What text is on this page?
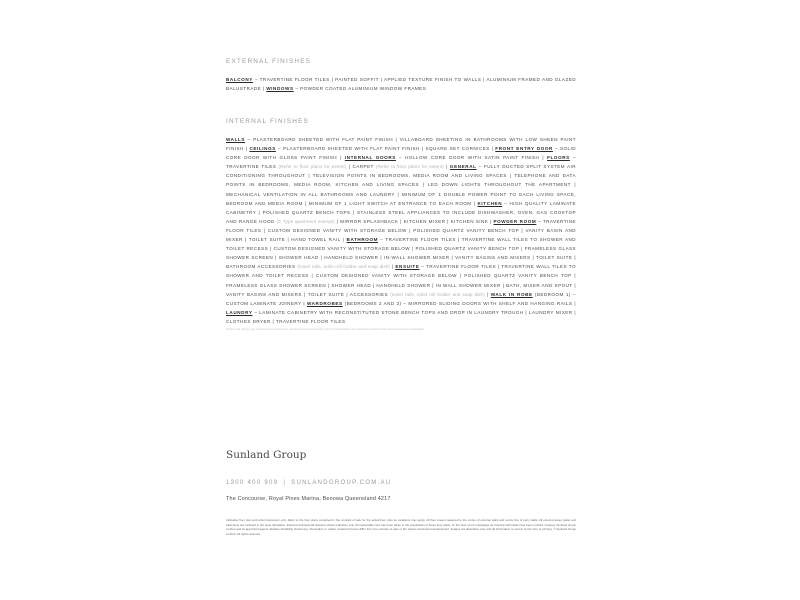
EXTERNAL FINISHES
BALCONY – TRAVERTINE FLOOR TILES | PAINTED SOFFIT | APPLIED TEXTURE FINISH TO WALLS | ALUMINIUM FRAMED AND GLAZED BALUSTRADE | WINDOWS – POWDER COATED ALUMINIUM WINDOW FRAMES
INTERNAL FINISHES
WALLS – PLASTERBOARD SHEETED WITH FLAT PAINT FINISH | VILLABOARD SHEETING IN BATHROOMS WITH LOW SHEEN PAINT FINISH | CEILINGS – PLASTERBOARD SHEETED WITH FLAT PAINT FINISH | SQUARE SET CORNICES | FRONT ENTRY DOOR – SOLID CORE DOOR WITH GLOSS PAINT FINISH | INTERNAL DOORS – HOLLOW CORE DOOR WITH SATIN PAINT FINISH | FLOORS – TRAVERTINE TILES (Refer to floor plans for extent) | CARPET (Refer to floor plans for extent) | GENERAL – FULLY DUCTED SPLIT SYSTEM AIR CONDITIONING THROUGHOUT | TELEVISION POINTS IN BEDROOMS, MEDIA ROOM AND LIVING SPACES | TELEPHONE AND DATA POINTS IN BEDROOMS, MEDIA ROOM, KITCHEN AND LIVING SPACES | LED DOWN LIGHTS THROUGHOUT THE APARTMENT | MECHANICAL VENTILATION IN ALL BATHROOMS AND LAUNDRY | MINIMUM OF 1 DOUBLE POWER POINT TO EACH LIVING SPACE, BEDROOM AND MEDIA ROOM | MINIMUM OF 1 LIGHT SWITCH AT ENTRANCE TO EACH ROOM | KITCHEN – HIGH QUALITY LAMINATE CABINETRY | POLISHED QUARTZ BENCH TOPS | STAINLESS STEEL APPLIANCES TO INCLUDE DISHWASHER, OVEN, GAS COOKTOP AND RANGE HOOD (C Type apartment exempt) | MIRROR SPLASHBACK | KITCHEN MIXER | KITCHEN SINK | POWDER ROOM – TRAVERTINE FLOOR TILES | CUSTOM DESIGNED VANITY WITH STORAGE BELOW | POLISHED QUARTZ VANITY BENCH TOP | VANITY BASIN AND MIXER | TOILET SUITE | HAND TOWEL RAIL | BATHROOM – TRAVERTINE FLOOR TILES | TRAVERTINE WALL TILES TO SHOWER AND TOILET RECESS | CUSTOM DESIGNED VANITY WITH STORAGE BELOW | POLISHED QUARTZ VANITY BENCH TOP | FRAMELESS GLASS SHOWER SCREEN | SHOWER HEAD | HANDHELD SHOWER | IN-WALL SHOWER MIXER | VANITY BASINS AND MIXERS | TOILET SUITE | BATHROOM ACCESSORIES (towel rails, toilet roll holder and soap dish) | ENSUITE – TRAVERTINE FLOOR TILES | TRAVERTINE WALL TILES TO SHOWER AND TOILET RECESS | CUSTOM DESIGNED VANITY WITH STORAGE BELOW | POLISHED QUARTZ VANITY BENCH TOP | FRAMELESS GLASS SHOWER SCREEN | SHOWER HEAD | HANDHELD SHOWER | IN WALL SHOWER MIXER | BATH, MIXER AND SPOUT | VANITY BASINS AND MIXERS | TOILET SUITE | ACCESSORIES (towel rails, toilet roll holder and soap dish) | WALK IN ROBE (BEDROOM 1) – CUSTOM LAMINATE JOINERY | WARDROBES (BEDROOMS 2 AND 3) – MIRRORED SLIDING DOORS WITH SHELF AND HANGING RAILS | LAUNDRY – LAMINATE CABINETRY WITH RECONSTITUTED STONE BENCH TOPS AND DROP IN LAUNDRY TROUGH | LAUNDRY MIXER | CLOTHES DRYER | TRAVERTINE FLOOR TILES
Please note: fittings may change during construction. Sunland Group reserves the right to change fittings with equivalent products if the intended items are unavailable.
Sunland Group
1300 400 909 | SUNLANDGROUP.COM.AU
The Concourse, Royal Pines Marina, Benowa Queensland 4217
Indicative floor plan and artist impression only. Refer to the floor plans contained in the contract of sale for the actual floor plan as variations may apply. All floor areas measured to the centre of external walls and centre line of party walls. All external areas (patio and balconies) are included in the area calculation. External architectural features shown indicative only. All reasonable care has been taken in the preparation of these floor plans. To the best of our knowledge as relevant information has been omitted, however Sunland Group Limited and its appointed agents disclaim all liability should any information or matter contained herein differ from the contract of sale or the actual constructed development. Images are illustrative only and all information is correct at the time of printing. © Sunland Group Limited. All rights reserved.
